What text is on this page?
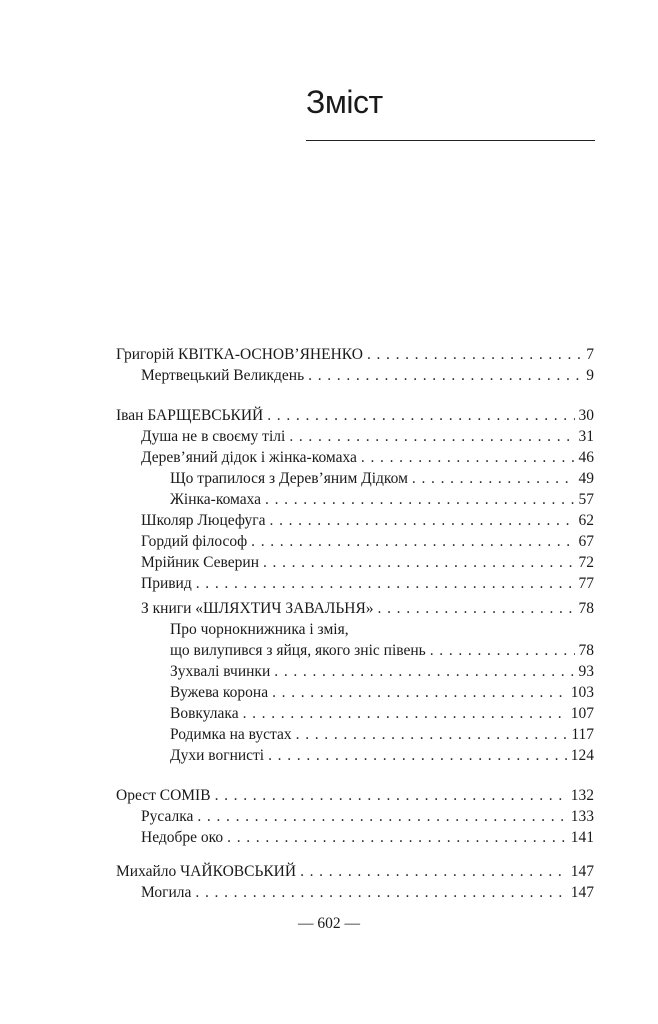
Зміст
Григорій КВІТКА-ОСНОВ’ЯНЕНКО . . .	7
Мертвецький Великдень . . .	9
Іван БАРЩЕВСЬКИЙ . . .	30
Душа не в своєму тілі . . .	31
Дерев’яний дідок і жінка-комаха . . .	46
Що трапилося з Дерев’яним Дідком . . .	49
Жінка-комаха . . .	57
Школяр Люцефуга . . .	62
Гордий філософ . . .	67
Мрійник Северин . . .	72
Привид . . .	77
З книги «ШЛЯХТИЧ ЗАВАЛЬНЯ» . . .	78
Про чорнокнижника і змія,
що вилупився з яйця, якого зніс півень . . .	78
Зухвалі вчинки . . .	93
Вужева корона . . .	103
Вовкулака . . .	107
Родимка на вустах . . .	117
Духи вогнисті . . .	124
Орест СОМІВ . . .	132
Русалка . . .	133
Недобре око . . .	141
Михайло ЧАЙКОВСЬКИЙ . . .	147
Могила . . .	147
— 602 —
